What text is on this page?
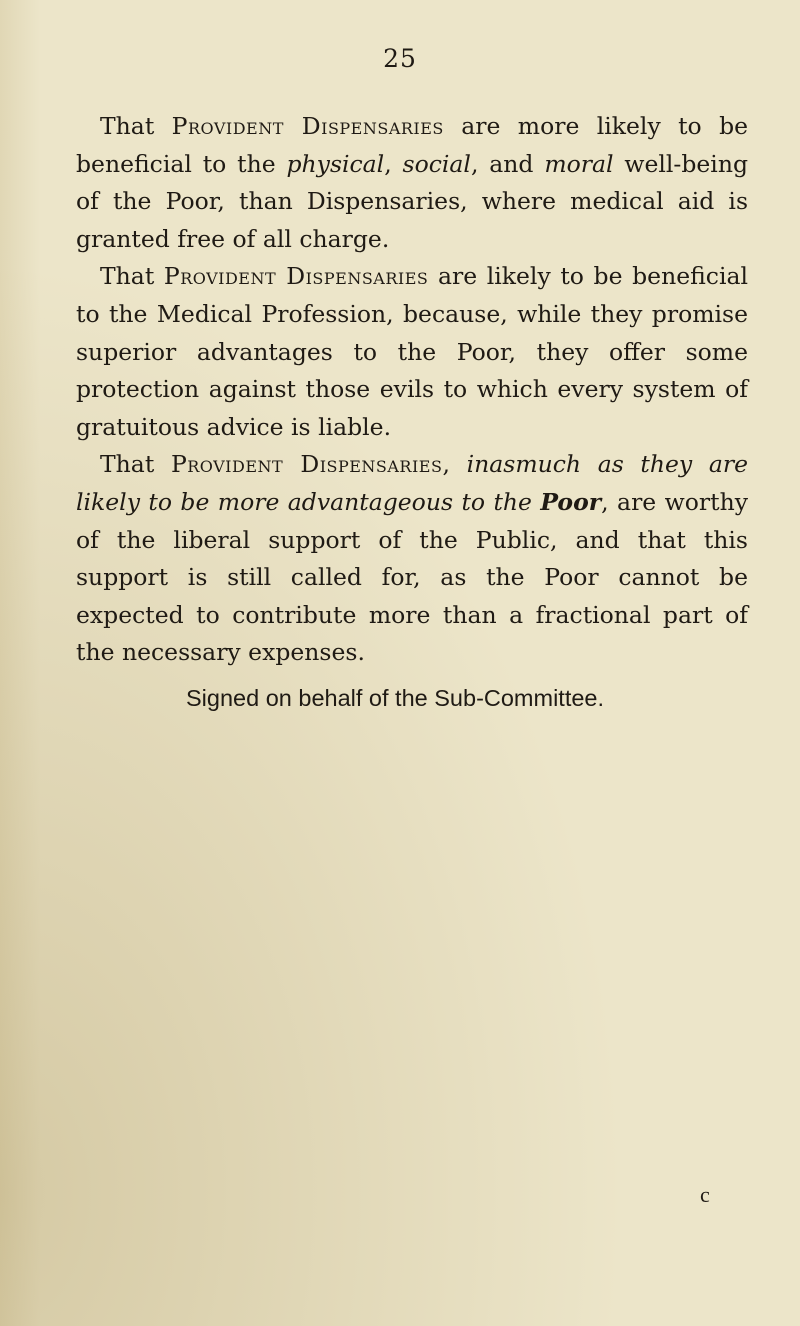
25

That Provident Dispensaries are more likely to be beneficial to the physical, social, and moral well-being of the Poor, than Dispensaries, where medical aid is granted free of all charge.

That Provident Dispensaries are likely to be beneficial to the Medical Profession, because, while they promise superior advantages to the Poor, they offer some protection against those evils to which every system of gratuitous advice is liable.

That Provident Dispensaries, inasmuch as they are likely to be more advantageous to the Poor, are worthy of the liberal support of the Public, and that this support is still called for, as the Poor cannot be expected to contribute more than a fractional part of the necessary expenses.

Signed on behalf of the Sub-Committee.

c
